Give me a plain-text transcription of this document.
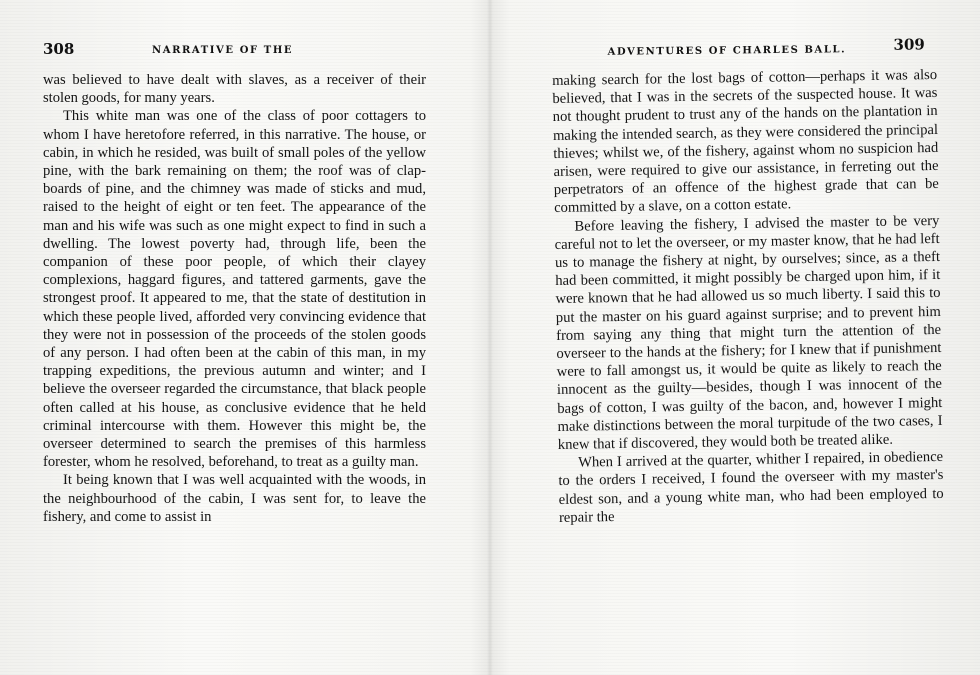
308	NARRATIVE OF THE

was believed to have dealt with slaves, as a receiver of their stolen goods, for many years.

This white man was one of the class of poor cottagers to whom I have heretofore referred, in this narrative. The house, or cabin, in which he resided, was built of small poles of the yellow pine, with the bark remaining on them; the roof was of clap-boards of pine, and the chimney was made of sticks and mud, raised to the height of eight or ten feet. The appearance of the man and his wife was such as one might expect to find in such a dwelling. The lowest poverty had, through life, been the companion of these poor people, of which their clayey complexions, haggard figures, and tattered garments, gave the strongest proof. It appeared to me, that the state of destitution in which these people lived, afforded very convincing evidence that they were not in possession of the proceeds of the stolen goods of any person. I had often been at the cabin of this man, in my trapping expeditions, the previous autumn and winter; and I believe the overseer regarded the circumstance, that black people often called at his house, as conclusive evidence that he held criminal intercourse with them. However this might be, the overseer determined to search the premises of this harmless forester, whom he resolved, beforehand, to treat as a guilty man.

It being known that I was well acquainted with the woods, in the neighbourhood of the cabin, I was sent for, to leave the fishery, and come to assist in

ADVENTURES OF CHARLES BALL.	309

making search for the lost bags of cotton—perhaps it was also believed, that I was in the secrets of the suspected house. It was not thought prudent to trust any of the hands on the plantation in making the intended search, as they were considered the principal thieves; whilst we, of the fishery, against whom no suspicion had arisen, were required to give our assistance, in ferreting out the perpetrators of an offence of the highest grade that can be committed by a slave, on a cotton estate.

Before leaving the fishery, I advised the master to be very careful not to let the overseer, or my master know, that he had left us to manage the fishery at night, by ourselves; since, as a theft had been committed, it might possibly be charged upon him, if it were known that he had allowed us so much liberty. I said this to put the master on his guard against surprise; and to prevent him from saying any thing that might turn the attention of the overseer to the hands at the fishery; for I knew that if punishment were to fall amongst us, it would be quite as likely to reach the innocent as the guilty—besides, though I was innocent of the bags of cotton, I was guilty of the bacon, and, however I might make distinctions between the moral turpitude of the two cases, I knew that if discovered, they would both be treated alike.

When I arrived at the quarter, whither I repaired, in obedience to the orders I received, I found the overseer with my master's eldest son, and a young white man, who had been employed to repair the
